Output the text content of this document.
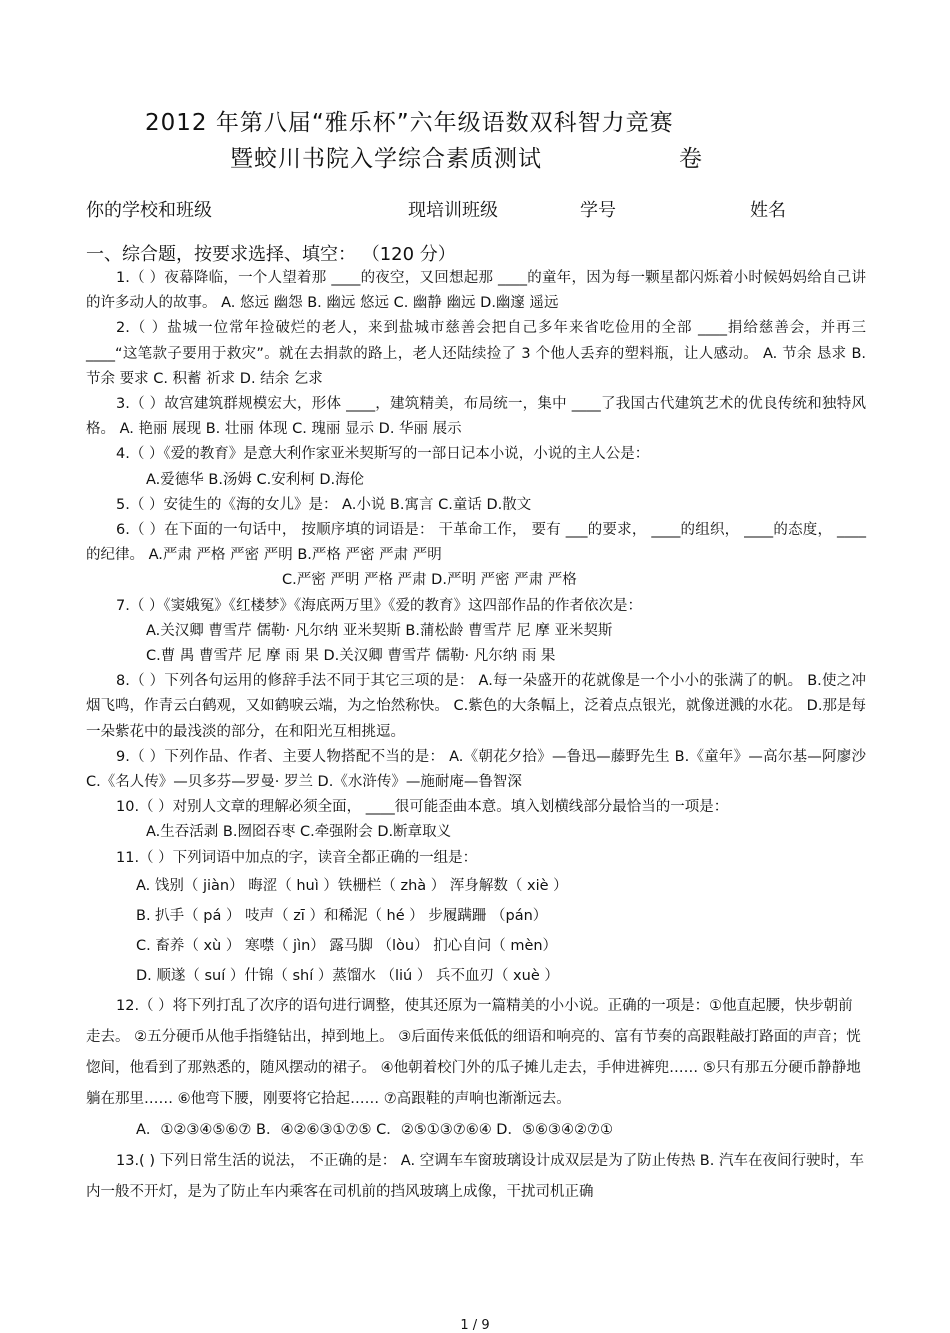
2012 年第八届“雅乐杯”六年级语数双科智力竞赛
暨蛟川书院入学综合素质测试	卷
你的学校和班级	现培训班级	学号	姓名
一、综合题，按要求选择、填空： （120 分）

1.（ ）夜幕降临，一个人望着那 ____的夜空，又回想起那 ____的童年，因为每一颗星都闪烁着小时候妈妈给自己讲的许多动人的故事。 A. 悠远 幽怨 B. 幽远 悠远 C. 幽静 幽远 D.幽邃 遥远

2.（ ）盐城一位常年捡破烂的老人，来到盐城市慈善会把自己多年来省吃俭用的全部 ____捐给慈善会，并再三 ____“这笔款子要用于救灾”。就在去捐款的路上，老人还陆续捡了 3 个他人丢弃的塑料瓶，让人感动。 A. 节余 恳求 B. 节余 要求 C. 积蓄 祈求 D. 结余 乞求

3.（ ）故宫建筑群规模宏大，形体 ____，建筑精美，布局统一，集中 ____了我国古代建筑艺术的优良传统和独特风格。 A. 艳丽 展现 B. 壮丽 体现 C. 瑰丽 显示 D. 华丽 展示

4.（ ）《爱的教育》是意大利作家亚米契斯写的一部日记本小说，小说的主人公是：

A.爱德华 B.汤姆 C.安利柯 D.海伦

5.（ ）安徒生的《海的女儿》是： A.小说 B.寓言 C.童话 D.散文

6.（ ）在下面的一句话中， 按顺序填的词语是： 干革命工作， 要有 ___的要求， ____的组织， ____的态度， ____的纪律。 A.严肃 严格 严密 严明 B.严格 严密 严肃 严明

C.严密 严明 严格 严肃 D.严明 严密 严肃 严格

7.（ ）《窦娥冤》《红楼梦》《海底两万里》《爱的教育》这四部作品的作者依次是：

A.关汉卿 曹雪芹 儒勒· 凡尔纳 亚米契斯 B.蒲松龄 曹雪芹 尼 摩 亚米契斯

C.曹 禺 曹雪芹 尼 摩 雨 果 D.关汉卿 曹雪芹 儒勒· 凡尔纳 雨 果

8.（ ）下列各句运用的修辞手法不同于其它三项的是： A.每一朵盛开的花就像是一个小小的张满了的帆。 B.使之冲烟飞鸣，作青云白鹤观，又如鹤唳云端，为之怡然称快。 C.紫色的大条幅上，泛着点点银光，就像迸溅的水花。 D.那是每一朵紫花中的最浅淡的部分，在和阳光互相挑逗。

9.（ ）下列作品、作者、主要人物搭配不当的是： A.《朝花夕拾》—鲁迅—藤野先生 B.《童年》—高尔基—阿廖沙 C.《名人传》—贝多芬—罗曼· 罗兰 D.《水浒传》—施耐庵—鲁智深

10.（ ）对别人文章的理解必须全面， ____很可能歪曲本意。填入划横线部分最恰当的一项是：

A.生吞活剥 B.囫囵吞枣 C.牵强附会 D.断章取义

11.（ ）下列词语中加点的字，读音全都正确的一组是：

A. 饯别（ jiàn） 晦涩（ huì ）铁栅栏（ zhà ） 浑身解数（ xiè ）

B. 扒手（ pá ） 吱声（ zī ）和稀泥（ hé ） 步履蹒跚 （pán）

C. 畜养（ xù ） 寒噤（ jìn） 露马脚 （lòu） 扪心自问（ mèn）

D. 顺遂（ suí ）什锦（ shí ）蒸馏水 （liú ） 兵不血刃（ xuè ）

12.（ ）将下列打乱了次序的语句进行调整，使其还原为一篇精美的小小说。正确的一项是：①他直起腰，快步朝前走去。 ②五分硬币从他手指缝钻出，掉到地上。 ③后面传来低低的细语和响亮的、富有节奏的高跟鞋敲打路面的声音；恍惚间，他看到了那熟悉的，随风摆动的裙子。 ④他朝着校门外的瓜子摊儿走去，手伸进裤兜…… ⑤只有那五分硬币静静地躺在那里…… ⑥他弯下腰，刚要将它拾起…… ⑦高跟鞋的声响也渐渐远去。

A．①②③④⑤⑥⑦ B．④②⑥③①⑦⑤ C．②⑤①③⑦⑥④ D．⑤⑥③④②⑦①

13.( ) 下列日常生活的说法， 不正确的是： A. 空调车车窗玻璃设计成双层是为了防止传热 B. 汽车在夜间行驶时，车内一般不开灯，是为了防止车内乘客在司机前的挡风玻璃上成像，干扰司机正确

1 / 9
